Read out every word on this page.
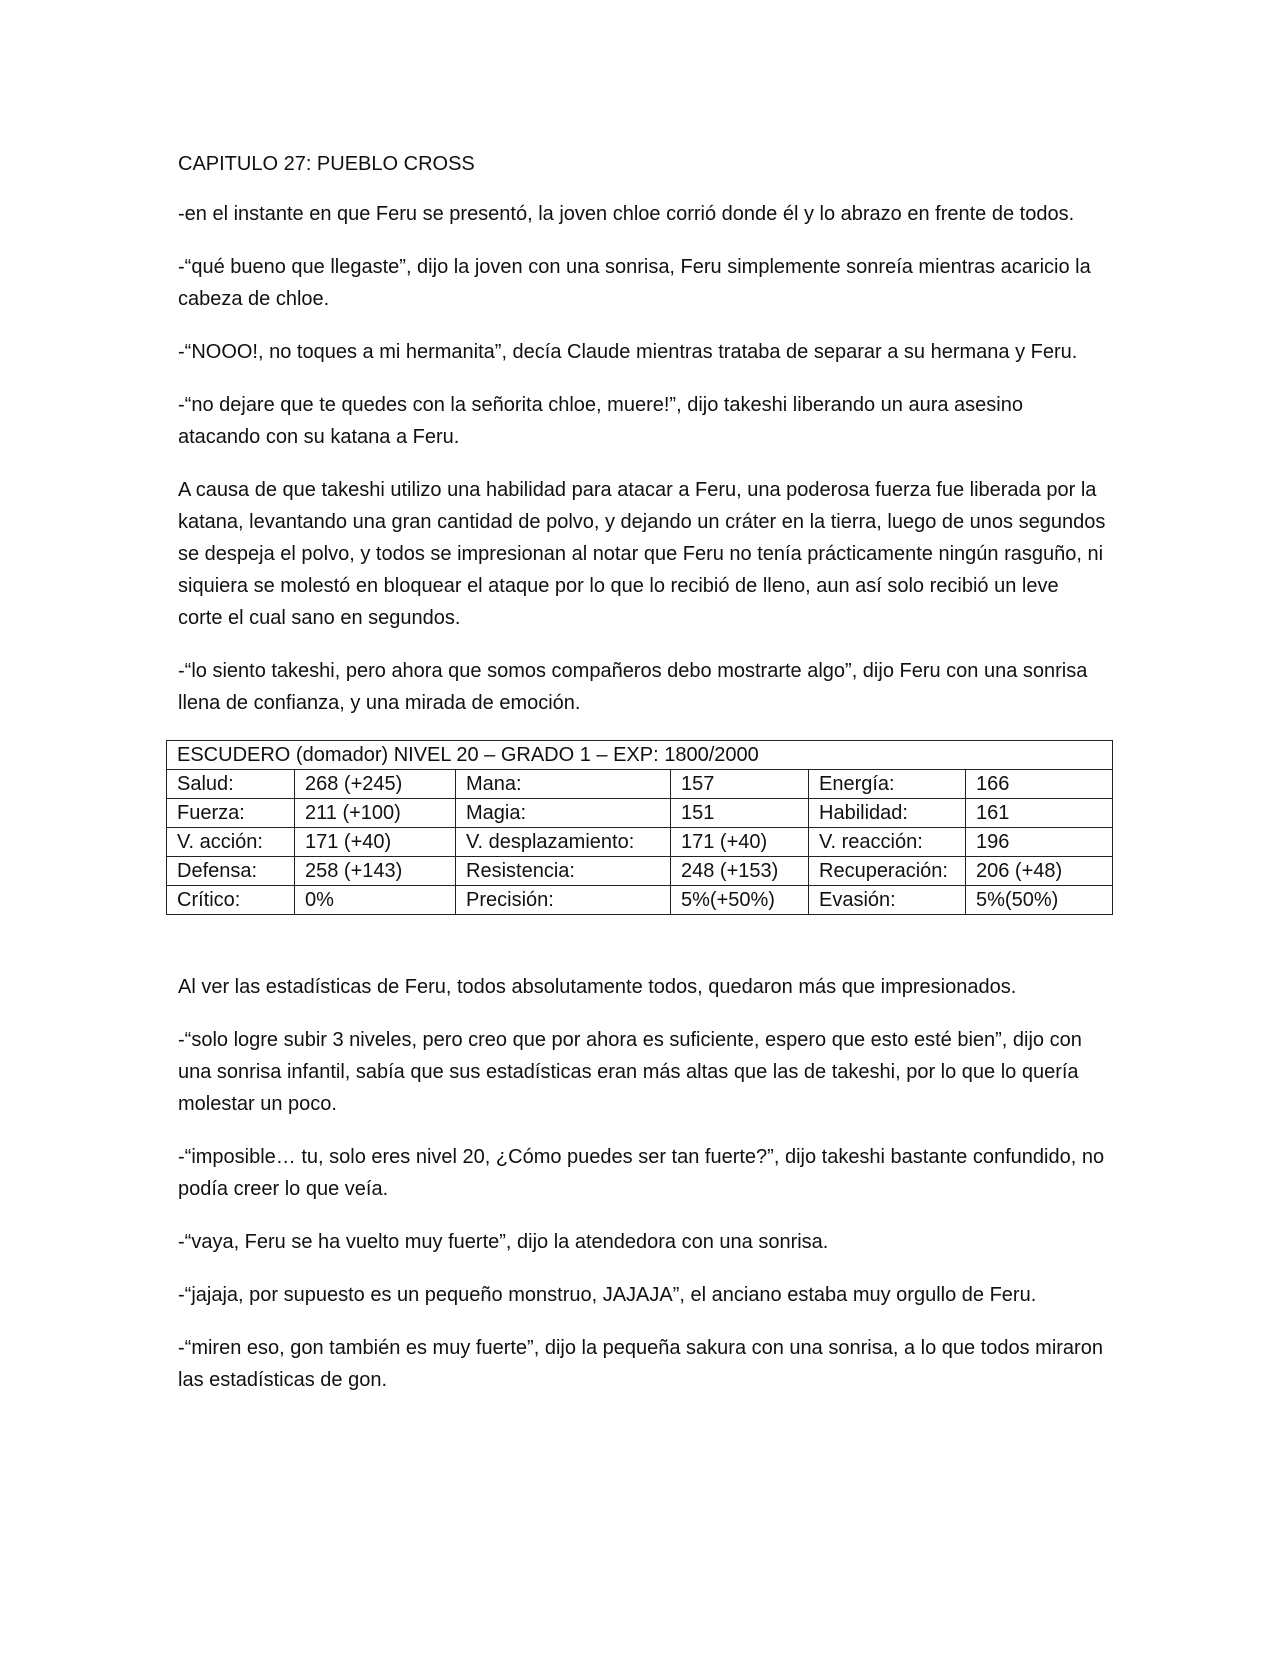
CAPITULO 27: PUEBLO CROSS

-en el instante en que Feru se presentó, la joven chloe corrió donde él y lo abrazo en frente de todos.

-“qué bueno que llegaste”, dijo la joven con una sonrisa, Feru simplemente sonreía mientras acaricio la cabeza de chloe.

-“NOOO!, no toques a mi hermanita”, decía Claude mientras trataba de separar a su hermana y Feru.

-“no dejare que te quedes con la señorita chloe, muere!”, dijo takeshi liberando un aura asesino atacando con su katana a Feru.

A causa de que takeshi utilizo una habilidad para atacar a Feru, una poderosa fuerza fue liberada por la katana, levantando una gran cantidad de polvo, y dejando un cráter en la tierra, luego de unos segundos se despeja el polvo, y todos se impresionan al notar que Feru no tenía prácticamente ningún rasguño, ni siquiera se molestó en bloquear el ataque por lo que lo recibió de lleno, aun así solo recibió un leve corte el cual sano en segundos.

-“lo siento takeshi, pero ahora que somos compañeros debo mostrarte algo”, dijo Feru con una sonrisa llena de confianza, y una mirada de emoción.

ESCUDERO (domador) NIVEL 20 – GRADO 1 – EXP: 1800/2000					
Salud:	268 (+245)	Mana:	157	Energía:	166
Fuerza:	211 (+100)	Magia:	151	Habilidad:	161
V. acción:	171 (+40)	V. desplazamiento:	171 (+40)	V. reacción:	196
Defensa:	258 (+143)	Resistencia:	248 (+153)	Recuperación:	206 (+48)
Crítico:	0%	Precisión:	5%(+50%)	Evasión:	5%(50%)

Al ver las estadísticas de Feru, todos absolutamente todos, quedaron más que impresionados.

-“solo logre subir 3 niveles, pero creo que por ahora es suficiente, espero que esto esté bien”, dijo con una sonrisa infantil, sabía que sus estadísticas eran más altas que las de takeshi, por lo que lo quería molestar un poco.

-“imposible… tu, solo eres nivel 20, ¿Cómo puedes ser tan fuerte?”, dijo takeshi bastante confundido, no podía creer lo que veía.

-“vaya, Feru se ha vuelto muy fuerte”, dijo la atendedora con una sonrisa.

-“jajaja, por supuesto es un pequeño monstruo, JAJAJA”, el anciano estaba muy orgullo de Feru.

-“miren eso, gon también es muy fuerte”, dijo la pequeña sakura con una sonrisa, a lo que todos miraron las estadísticas de gon.
